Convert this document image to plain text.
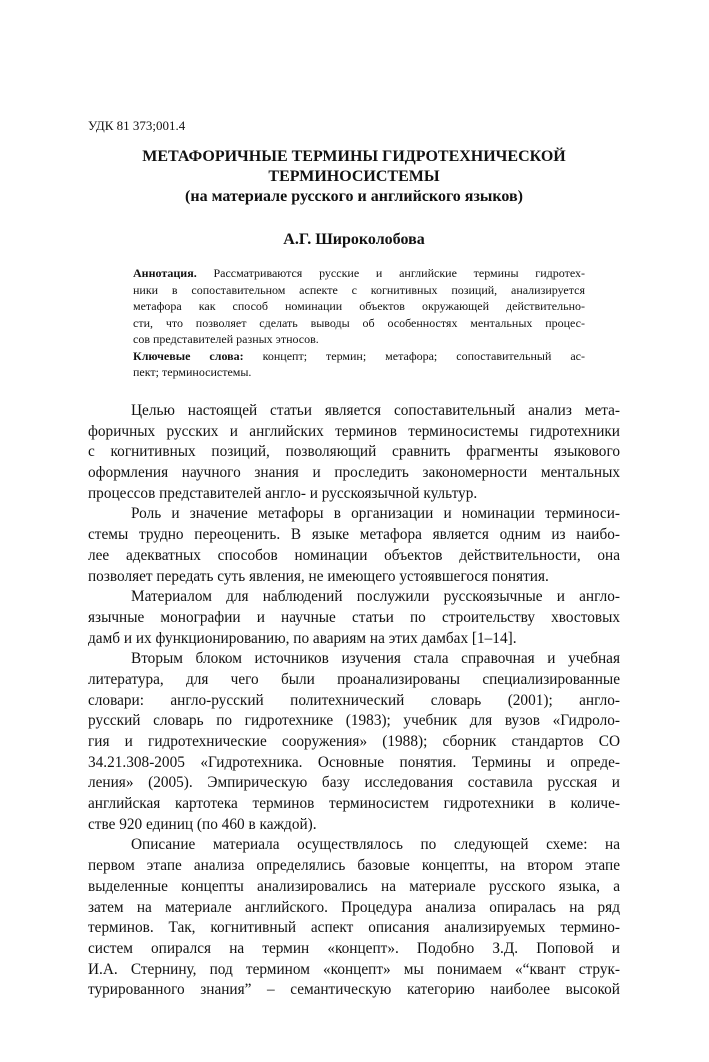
УДК 81 373;001.4
МЕТАФОРИЧНЫЕ ТЕРМИНЫ ГИДРОТЕХНИЧЕСКОЙ
ТЕРМИНОСИСТЕМЫ
(на материале русского и английского языков)
А.Г. Широколобова
Аннотация. Рассматриваются русские и английские термины гидротех-
ники в сопоставительном аспекте с когнитивных позиций, анализируется
метафора как способ номинации объектов окружающей действительно-
сти, что позволяет сделать выводы об особенностях ментальных процес-
сов представителей разных этносов.
Ключевые слова: концепт; термин; метафора; сопоставительный ас-
пект; терминосистемы.
Целью настоящей статьи является сопоставительный анализ мета-
форичных русских и английских терминов терминосистемы гидротехники
с когнитивных позиций, позволяющий сравнить фрагменты языкового
оформления научного знания и проследить закономерности ментальных
процессов представителей англо- и русскоязычной культур.
Роль и значение метафоры в организации и номинации терминоси-
стемы трудно переоценить. В языке метафора является одним из наибо-
лее адекватных способов номинации объектов действительности, она
позволяет передать суть явления, не имеющего устоявшегося понятия.
Материалом для наблюдений послужили русскоязычные и англо-
язычные монографии и научные статьи по строительству хвостовых
дамб и их функционированию, по авариям на этих дамбах [1–14].
Вторым блоком источников изучения стала справочная и учебная
литература, для чего были проанализированы специализированные
словари: англо-русский политехнический словарь (2001); англо-
русский словарь по гидротехнике (1983); учебник для вузов «Гидроло-
гия и гидротехнические сооружения» (1988); сборник стандартов СО
34.21.308-2005 «Гидротехника. Основные понятия. Термины и опреде-
ления» (2005). Эмпирическую базу исследования составила русская и
английская картотека терминов терминосистем гидротехники в количе-
стве 920 единиц (по 460 в каждой).
Описание материала осуществлялось по следующей схеме: на
первом этапе анализа определялись базовые концепты, на втором этапе
выделенные концепты анализировались на материале русского языка, а
затем на материале английского. Процедура анализа опиралась на ряд
терминов. Так, когнитивный аспект описания анализируемых терминo-
систем опирался на термин «концепт». Подобно З.Д. Поповой и
И.А. Стернину, под термином «концепт» мы понимаем «“квант струк-
турированного знания” – семантическую категорию наиболее высокой
